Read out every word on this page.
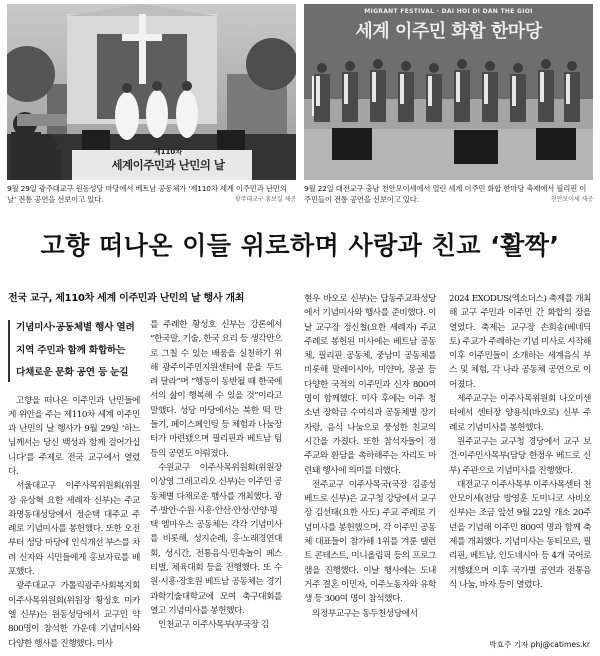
제110차
세계이주민과 난민의 날
MIGRANT FESTIVAL · DAI HOI DI DAN THE GIOI
세계 이주민 화합 한마당
9월 29일 광주대교구 원동성당 마당에서 베트남 공동체가 ‘제110차 세계 이주민과 난민의 날’ 전통 공연을 선보이고 있다.	광주대교구 홍보실 제공
9월 22일 대전교구 충남 천안모이세에서 열린 세계 이주민 화합 한마당 축제에서 필리핀 이주민들이 전통 공연을 선보이고 있다.	천안모이세 제공
고향 떠나온 이들 위로하며 사랑과 친교 ‘활짝’
전국 교구, 제110차 세계 이주민과 난민의 날 행사 개최
기념미사·공동체별 행사 열려
지역 주민과 함께 화합하는
다채로운 문화 공연 등 눈길

고향을 떠나온 이주민과 난민들에게 위안을 주는 제110차 세계 이주민과 난민의 날 행사가 9월 29일 ‘하느님께서는 당신 백성과 함께 걸어가십니다’를 주제로 전국 교구에서 열렸다.

서울대교구 이주사목위원회(위원장 유상혁 요한 세례자 신부)는 주교좌명동대성당에서 정순택 대주교 주례로 기념미사를 봉헌했다. 또한 오전부터 성당 마당에 인식개선 부스를 차려 신자와 시민들에게 홍보자료를 배포했다.

광주대교구 가톨릭광주사회복지회 이주사목위원회(위원장 황성호 미카엘 신부)는 원동성당에서 교구민 약 800명이 참석한 가운데 기념미사와 다양한 행사를 진행했다. 미사

를 주례한 황성호 신부는 강론에서 “한국말, 기술, 한국 요리 등 생각만으로 그칠 수 있는 배움을 실천하기 위해 광주이주민지원센터에 문을 두드려 달라”며 “행동이 동반될 때 한국에서의 삶이 행복해 수 있을 것”이라고 말했다. 성당 마당에서는 북한 떡 만들기, 페이스페인팅 등 체험과 나눔장터가 마련됐으며 필리핀과 베트남 팀 등의 공연도 이뤄졌다.

수원교구 이주사목위원회(위원장 이상영 그레고리오 신부)는 이주민 공동체별 다채로운 행사를 개최했다. 광주·발안·수원·시흥·안산·안성·안양·평택 엠마우스 공동체는 각각 기념미사를 비롯해, 성지순례, 홍·노래경연대회, 성시간, 전통음식·민속놀이 페스티벌, 체육대회 등을 진행했다. 또 수원·시흥·장호원 베트남 공동체는 경기과학기술대학교에 모여 축구대회를 열고 기념미사를 봉헌했다.

인천교구 이주사목부(부국장 김

현우 바오로 신부)는 답동주교좌성당에서 기념미사와 행사를 준비했다. 이날 교구장 정신철(요한 세례자) 주교 주례로 봉헌된 미사에는 베트남 공동체, 필리핀 공동체, 중남미 공동체를 비롯해 말레이시아, 미얀마, 몽골 등 다양한 국적의 이주민과 신자 800여 명이 함께했다. 미사 후에는 이주 청소년 장학금 수여식과 공동체별 장기자랑, 음식 나눔으로 풍성한 친교의 시간을 가졌다. 또한 참석자들이 정 주교와 환담을 촉하해주는 자리도 마련돼 행사에 의미를 더했다.

전주교구 이주사목국(국장 김종성 베드로 신부)은 교구청 강당에서 교구장 김선태(요한 사도) 주교 주례로 기념미사를 봉헌했으며, 각 이주민 공동체 대표들이 참가해 1위를 겨룬 탤런트 콘테스트, 미니올림픽 등의 프로그램을 진행했다. 이날 행사에는 도내 거주 결혼 이민자, 이주노동자와 유학생 등 300여 명이 참석했다.

의정부교구는 동두천성당에서

2024 EXODUS(엑소더스) 축제를 개최해 교구 주민과 이주민 간 화합의 장을 열었다. 축제는 교구장 손희송(베네딕토) 주교가 주례하는 기념 미사로 시작해 이후 이주민들이 소개하는 세계음식 부스 및 체험, 각 나라 공동체 공연으로 이어졌다.

제주교구는 이주사목위원회 나오미센터에서 센터장 양용석(바오로) 신부 주례로 기념미사를 봉헌했다.

원주교구는 교구청 경당에서 교구 보건·이주민사목부(담당 한정우 베드로 신부) 주관으로 기념미사를 진행했다.

대전교구 이주사목부 이주사목센터 천안모이세(전담 방영훈 도미니코 사비오 신부)는 조금 앞선 9월 22일 개소 20주년을 기념해 이주민 800여 명과 함께 축제를 개최했다. 기념미사는 동티모르, 필리핀, 베트남, 인도네시아 등 4개 국어로 거행됐으며 이후 국가별 공연과 전통음식 나눔, 바자 등이 열렸다.

박효주 기자 phj@catimes.kr
